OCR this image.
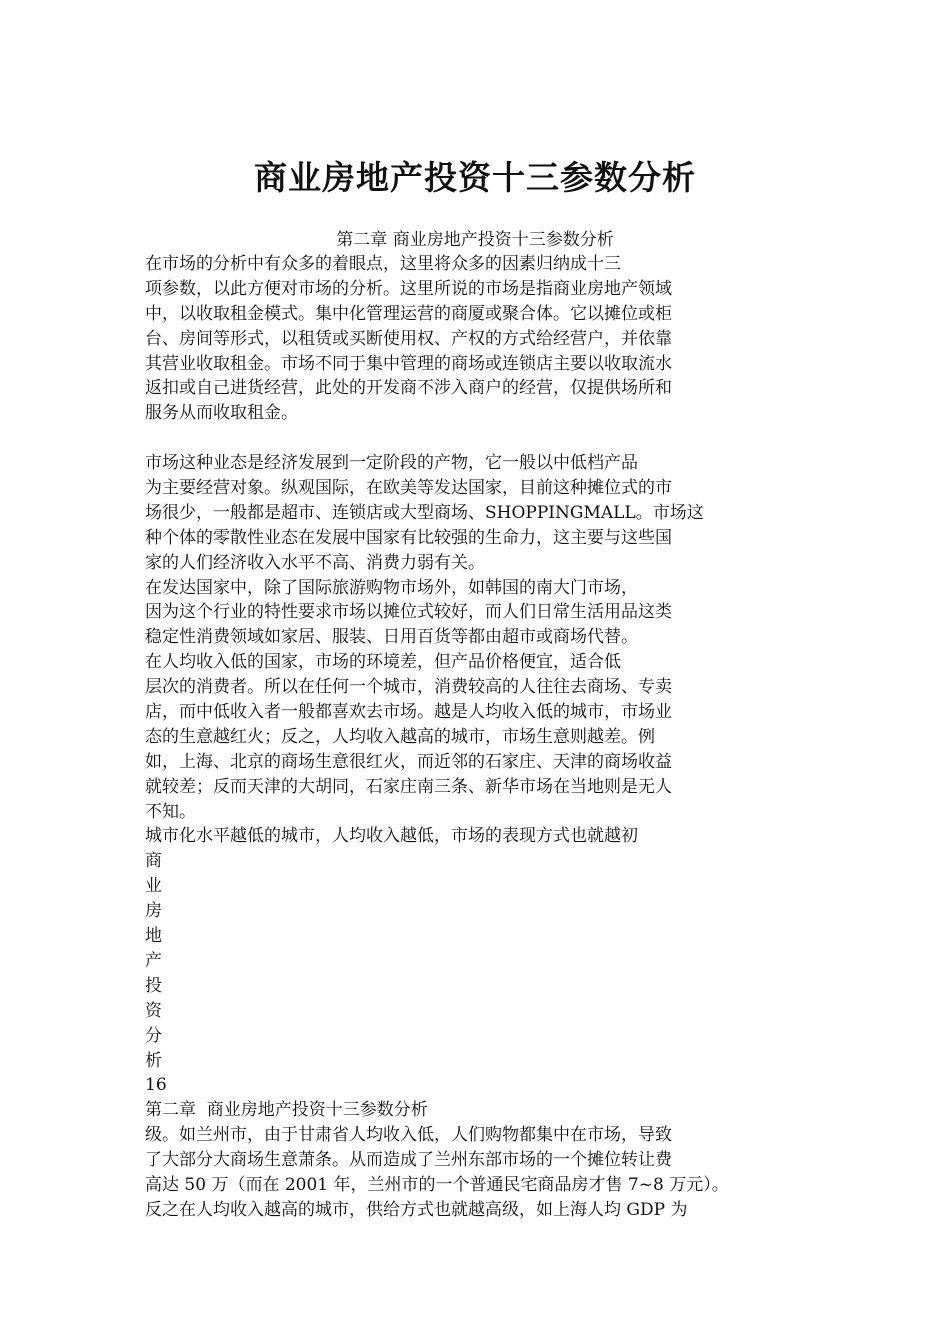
商业房地产投资十三参数分析

第二章 商业房地产投资十三参数分析

在市场的分析中有众多的着眼点，这里将众多的因素归纳成十三

项参数，以此方便对市场的分析。这里所说的市场是指商业房地产领域

中，以收取租金模式。集中化管理运营的商厦或聚合体。它以摊位或柜

台、房间等形式，以租赁或买断使用权、产权的方式给经营户，并依靠

其营业收取租金。市场不同于集中管理的商场或连锁店主要以收取流水

返扣或自己进货经营，此处的开发商不涉入商户的经营，仅提供场所和

服务从而收取租金。

市场这种业态是经济发展到一定阶段的产物，它一般以中低档产品

为主要经营对象。纵观国际，在欧美等发达国家，目前这种摊位式的市

场很少，一般都是超市、连锁店或大型商场、SHOPPINGMALL。市场这

种个体的零散性业态在发展中国家有比较强的生命力，这主要与这些国

家的人们经济收入水平不高、消费力弱有关。

在发达国家中，除了国际旅游购物市场外，如韩国的南大门市场，

因为这个行业的特性要求市场以摊位式较好，而人们日常生活用品这类

稳定性消费领域如家居、服装、日用百货等都由超市或商场代替。

在人均收入低的国家，市场的环境差，但产品价格便宜，适合低

层次的消费者。所以在任何一个城市，消费较高的人往往去商场、专卖

店，而中低收入者一般都喜欢去市场。越是人均收入低的城市，市场业

态的生意越红火；反之，人均收入越高的城市，市场生意则越差。例

如，上海、北京的商场生意很红火，而近邻的石家庄、天津的商场收益

就较差；反而天津的大胡同，石家庄南三条、新华市场在当地则是无人

不知。

城市化水平越低的城市，人均收入越低，市场的表现方式也就越初

商

业

房

地

产

投

资

分

析

16

第二章  商业房地产投资十三参数分析

级。如兰州市，由于甘肃省人均收入低，人们购物都集中在市场，导致

了大部分大商场生意萧条。从而造成了兰州东部市场的一个摊位转让费

高达 50 万（而在 2001 年，兰州市的一个普通民宅商品房才售 7~8 万元）。

反之在人均收入越高的城市，供给方式也就越高级，如上海人均 GDP 为
